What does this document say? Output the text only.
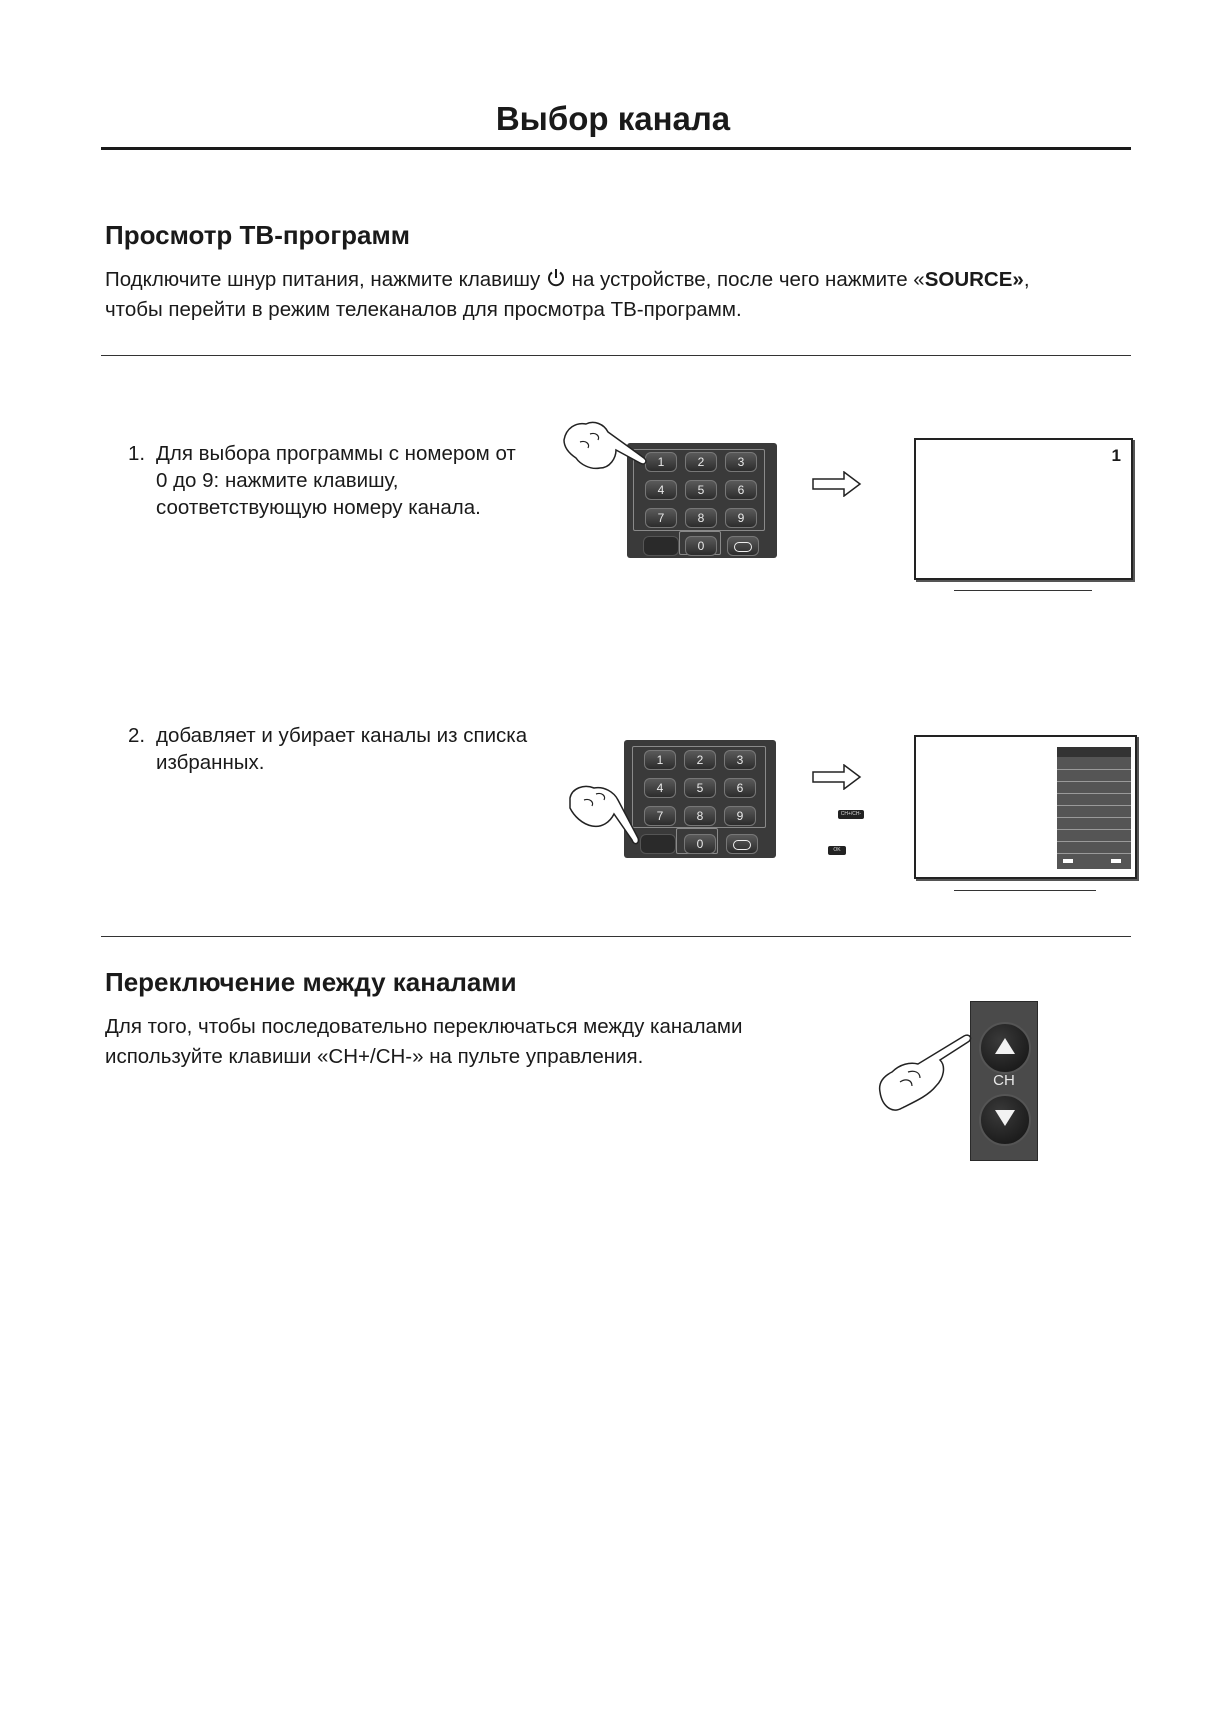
Выбор канала
Просмотр ТВ-программ

Подключите шнур питания, нажмите клавишу на устройстве, после чего нажмите «SOURCE»,
чтобы перейти в режим телеканалов для просмотра ТВ-программ.

1. Для выбора программы с номером от
0 до 9: нажмите клавишу,
соответствующую номеру канала.
1	2	3
4	5	6
7	8	9
0
1
2. добавляет и убирает каналы из списка
избранных.	1	2	3
4	5	6
7	8	9
0
CH+/CH-
OK
Переключение между каналами

Для того, чтобы последовательно переключаться между каналами
используйте клавиши «CH+/CH-» на пульте управления.

CH
